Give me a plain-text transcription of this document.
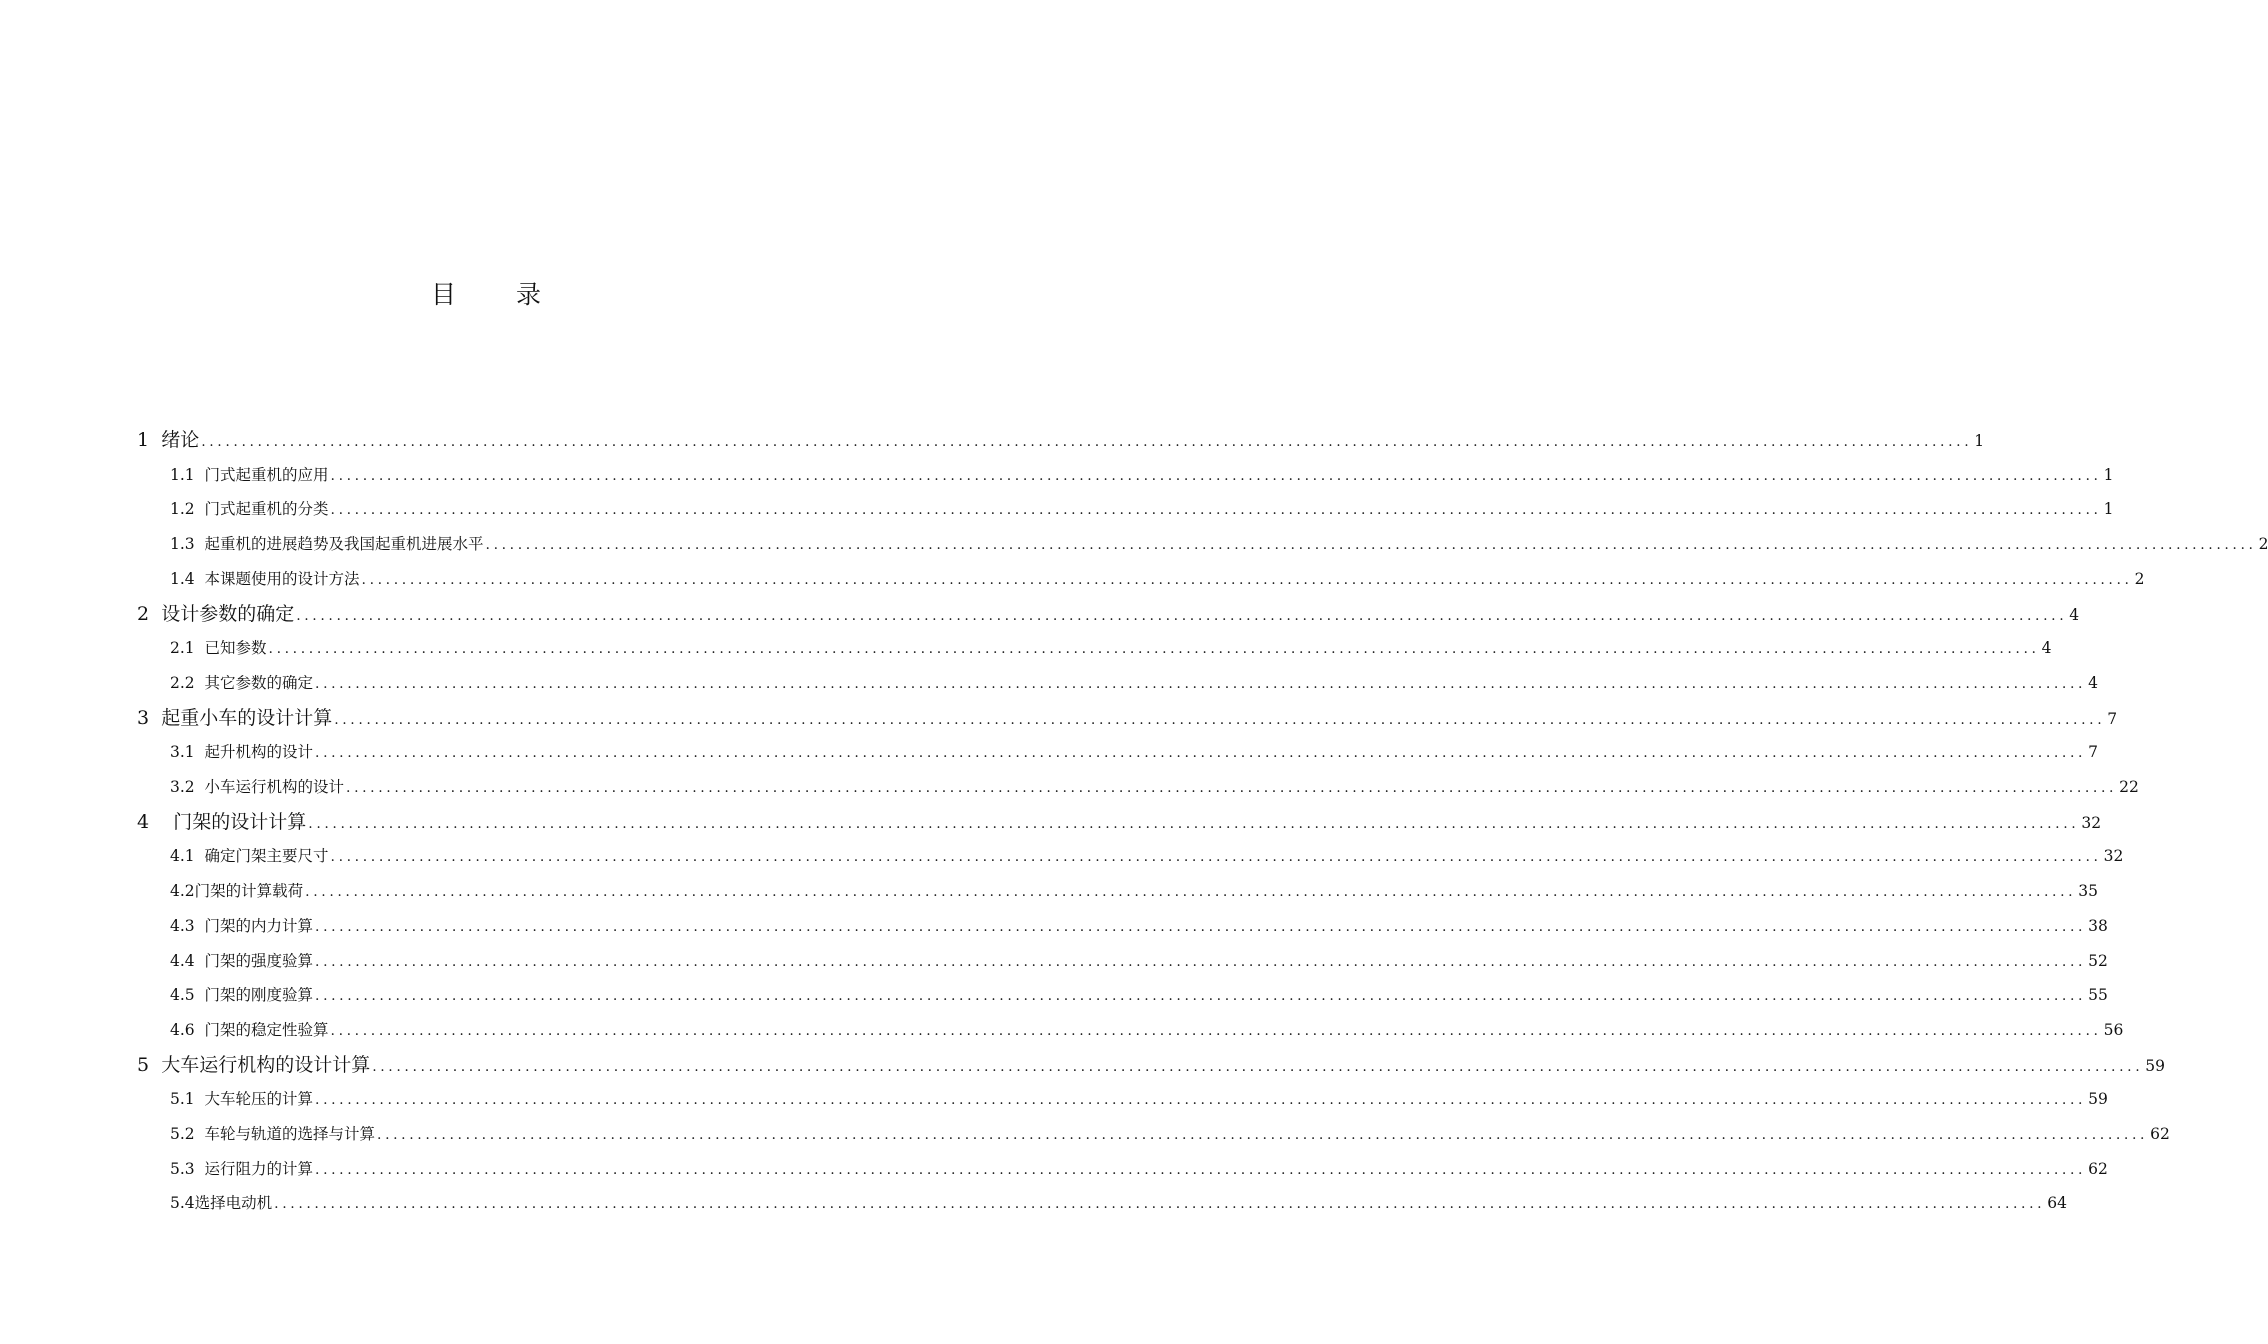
目 录
1
绪论 ............................................................................................................................................................................................................................ 1
1.1
门式起重机的应用 ............................................................................................................................................................................................................................ 1
1.2
门式起重机的分类 ............................................................................................................................................................................................................................ 1
1.3
起重机的进展趋势及我国起重机进展水平 ............................................................................................................................................................................................................................ 2
1.4
本课题使用的设计方法 ............................................................................................................................................................................................................................ 2
2
设计参数的确定 ............................................................................................................................................................................................................................ 4
2.1
已知参数 ............................................................................................................................................................................................................................ 4
2.2
其它参数的确定 ............................................................................................................................................................................................................................ 4
3
起重小车的设计计算 ............................................................................................................................................................................................................................ 7
3.1
起升机构的设计 ............................................................................................................................................................................................................................ 7
3.2
小车运行机构的设计 ............................................................................................................................................................................................................................ 22
4
门架的设计计算 ............................................................................................................................................................................................................................ 32
4.1
确定门架主要尺寸 ............................................................................................................................................................................................................................ 32
4.2 门架的计算载荷 ............................................................................................................................................................................................................................ 35
4.3
门架的内力计算 ............................................................................................................................................................................................................................ 38
4.4
门架的强度验算 ............................................................................................................................................................................................................................ 52
4.5
门架的刚度验算 ............................................................................................................................................................................................................................ 55
4.6
门架的稳定性验算 ............................................................................................................................................................................................................................ 56
5
大车运行机构的设计计算 ............................................................................................................................................................................................................................ 59
5.1
大车轮压的计算 ............................................................................................................................................................................................................................ 59
5.2
车轮与轨道的选择与计算 ............................................................................................................................................................................................................................ 62
5.3
运行阻力的计算 ............................................................................................................................................................................................................................ 62
5.4 选择电动机 ............................................................................................................................................................................................................................ 64
